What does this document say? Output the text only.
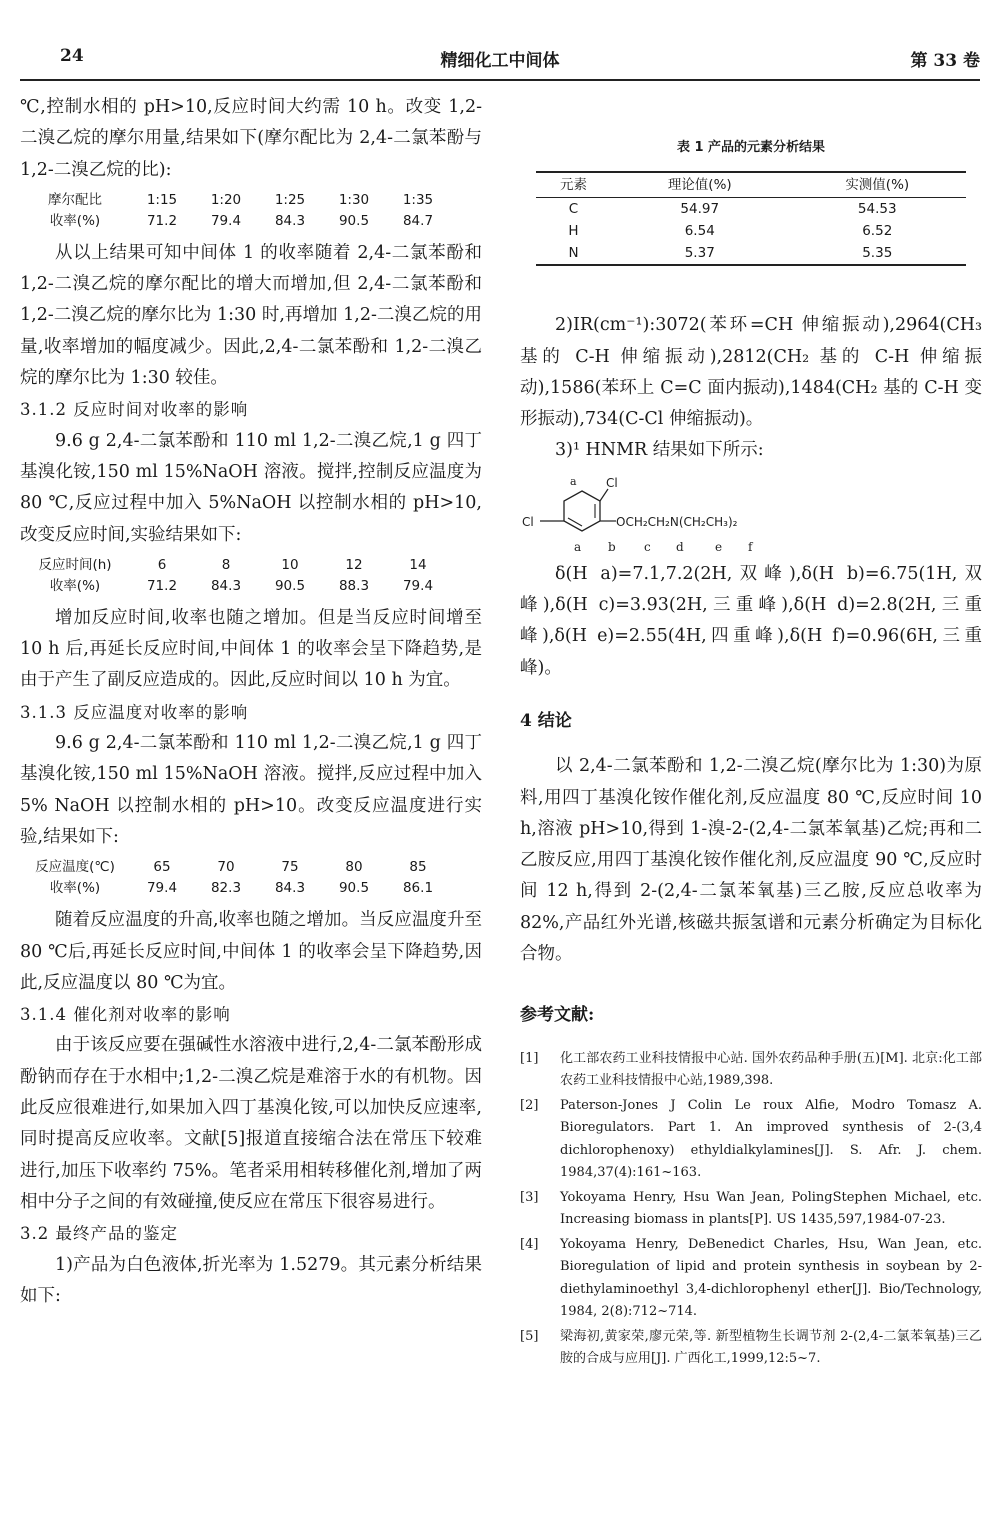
24	精细化工中间体	第 33 卷

℃,控制水相的 pH>10,反应时间大约需 10 h。改变 1,2-二溴乙烷的摩尔用量,结果如下(摩尔配比为 2,4-二氯苯酚与 1,2-二溴乙烷的比):

摩尔配比	1:15	1:20	1:25	1:30	1:35
收率(%)	71.2	79.4	84.3	90.5	84.7

从以上结果可知中间体 1 的收率随着 2,4-二氯苯酚和 1,2-二溴乙烷的摩尔配比的增大而增加,但 2,4-二氯苯酚和 1,2-二溴乙烷的摩尔比为 1:30 时,再增加 1,2-二溴乙烷的用量,收率增加的幅度减少。因此,2,4-二氯苯酚和 1,2-二溴乙烷的摩尔比为 1:30 较佳。

3.1.2 反应时间对收率的影响

9.6 g 2,4-二氯苯酚和 110 ml 1,2-二溴乙烷,1 g 四丁基溴化铵,150 ml 15%NaOH 溶液。搅拌,控制反应温度为 80 ℃,反应过程中加入 5%NaOH 以控制水相的 pH>10,改变反应时间,实验结果如下:

反应时间(h)	6	8	10	12	14
收率(%)	71.2	84.3	90.5	88.3	79.4

增加反应时间,收率也随之增加。但是当反应时间增至 10 h 后,再延长反应时间,中间体 1 的收率会呈下降趋势,是由于产生了副反应造成的。因此,反应时间以 10 h 为宜。

3.1.3 反应温度对收率的影响

9.6 g 2,4-二氯苯酚和 110 ml 1,2-二溴乙烷,1 g 四丁基溴化铵,150 ml 15%NaOH 溶液。搅拌,反应过程中加入 5% NaOH 以控制水相的 pH>10。改变反应温度进行实验,结果如下:

反应温度(℃)	65	70	75	80	85
收率(%)	79.4	82.3	84.3	90.5	86.1

随着反应温度的升高,收率也随之增加。当反应温度升至 80 ℃后,再延长反应时间,中间体 1 的收率会呈下降趋势,因此,反应温度以 80 ℃为宜。

3.1.4 催化剂对收率的影响

由于该反应要在强碱性水溶液中进行,2,4-二氯苯酚形成酚钠而存在于水相中;1,2-二溴乙烷是难溶于水的有机物。因此反应很难进行,如果加入四丁基溴化铵,可以加快反应速率,同时提高反应收率。文献[5]报道直接缩合法在常压下较难进行,加压下收率约 75%。笔者采用相转移催化剂,增加了两相中分子之间的有效碰撞,使反应在常压下很容易进行。

3.2 最终产品的鉴定

1)产品为白色液体,折光率为 1.5279。其元素分析结果如下:

表 1 产品的元素分析结果
元素	理论值(%)	实测值(%)
C	54.97	54.53
H	6.54	6.52
N	5.37	5.35

2)IR(cm⁻¹):3072(苯环=CH 伸缩振动),2964(CH₃ 基的 C-H 伸缩振动),2812(CH₂ 基的 C-H 伸缩振动),1586(苯环上 C=C 面内振动),1484(CH₂ 基的 C-H 变形振动),734(C-Cl 伸缩振动)。

3)¹ HNMR 结果如下所示:

Cl
Cl	OCH₂CH₂N(CH₂CH₃)₂
a
a b c d	e f

δ(H a)=7.1,7.2(2H,双峰),δ(H b)=6.75(1H,双峰),δ(H c)=3.93(2H,三重峰),δ(H d)=2.8(2H,三重峰),δ(H e)=2.55(4H,四重峰),δ(H f)=0.96(6H,三重峰)。

4 结论

以 2,4-二氯苯酚和 1,2-二溴乙烷(摩尔比为 1:30)为原料,用四丁基溴化铵作催化剂,反应温度 80 ℃,反应时间 10 h,溶液 pH>10,得到 1-溴-2-(2,4-二氯苯氧基)乙烷;再和二乙胺反应,用四丁基溴化铵作催化剂,反应温度 90 ℃,反应时间 12 h,得到 2-(2,4-二氯苯氧基)三乙胺,反应总收率为 82%,产品红外光谱,核磁共振氢谱和元素分析确定为目标化合物。

参考文献:
[1]	化工部农药工业科技情报中心站. 国外农药品种手册(五)[M]. 北京:化工部农药工业科技情报中心站,1989,398.
[2]	Paterson-Jones J Colin Le roux Alfie, Modro Tomasz A. Bioregulators. Part 1. An improved synthesis of 2-(3,4 dichlorophenoxy) ethyldialkylamines[J]. S. Afr. J. chem. 1984,37(4):161~163.
[3]	Yokoyama Henry, Hsu Wan Jean, PolingStephen Michael, etc. Increasing biomass in plants[P]. US 1435,597,1984-07-23.
[4]	Yokoyama Henry, DeBenedict Charles, Hsu, Wan Jean, etc. Bioregulation of lipid and protein synthesis in soybean by 2-diethylaminoethyl 3,4-dichlorophenyl ether[J]. Bio/Technology, 1984, 2(8):712~714.
[5]	梁海初,黄家荣,廖元荣,等. 新型植物生长调节剂 2-(2,4-二氯苯氧基)三乙胺的合成与应用[J]. 广西化工,1999,12:5~7.
